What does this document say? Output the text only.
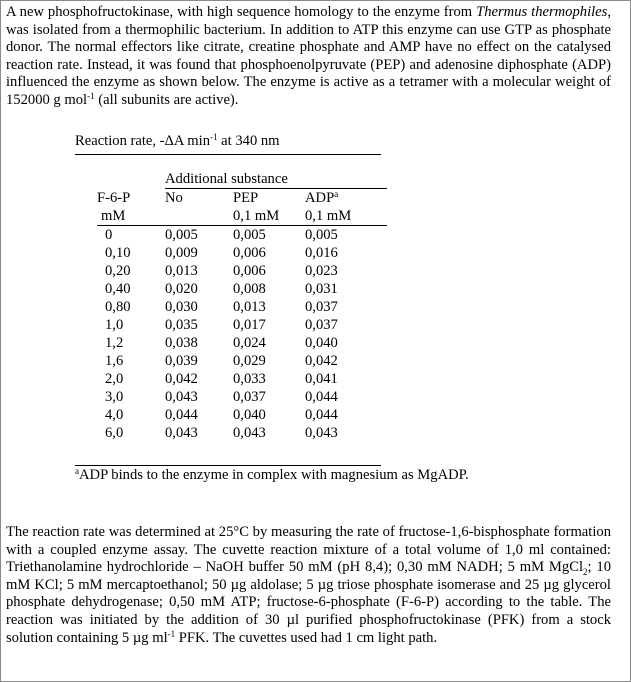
A new phosphofructokinase, with high sequence homology to the enzyme from Thermus thermophiles, was isolated from a thermophilic bacterium. In addition to ATP this enzyme can use GTP as phosphate donor. The normal effectors like citrate, creatine phosphate and AMP have no effect on the catalysed reaction rate. Instead, it was found that phosphoenolpyruvate (PEP) and adenosine diphosphate (ADP) influenced the enzyme as shown below. The enzyme is active as a tetramer with a molecular weight of 152000 g mol$^{-1}$ (all subunits are active).

Reaction rate, -ΔA $\min^{-1}$ at 340 nm
	Additional substance		
F-6-P	No	PEP	ADP$^a$
mM		0,1 mM	0,1 mM
0	0,005	0,005	0,005
0,10	0,009	0,006	0,016
0,20	0,013	0,006	0,023
0,40	0,020	0,008	0,031
0,80	0,030	0,013	0,037
1,0	0,035	0,017	0,037
1,2	0,038	0,024	0,040
1,6	0,039	0,029	0,042
2,0	0,042	0,033	0,041
3,0	0,043	0,037	0,044
4,0	0,044	0,040	0,044
6,0	0,043	0,043	0,043
$^a$ADP binds to the enzyme in complex with magnesium as MgADP.

The reaction rate was determined at 25°C by measuring the rate of fructose-1,6-bisphosphate formation with a coupled enzyme assay. The cuvette reaction mixture of a total volume of 1,0 ml contained: Triethanolamine hydrochloride – NaOH buffer 50 mM (pH 8,4); 0,30 mM NADH; 5 mM MgCl$_2$; 10 mM KCl; 5 mM mercaptoethanol; 50 µg aldolase; 5 µg triose phosphate isomerase and 25 µg glycerol phosphate dehydrogenase; 0,50 mM ATP; fructose-6-phosphate (F-6-P) according to the table. The reaction was initiated by the addition of 30 µl purified phosphofructokinase (PFK) from a stock solution containing 5 µg $ml^{-1}$ PFK. The cuvettes used had 1 cm light path.
